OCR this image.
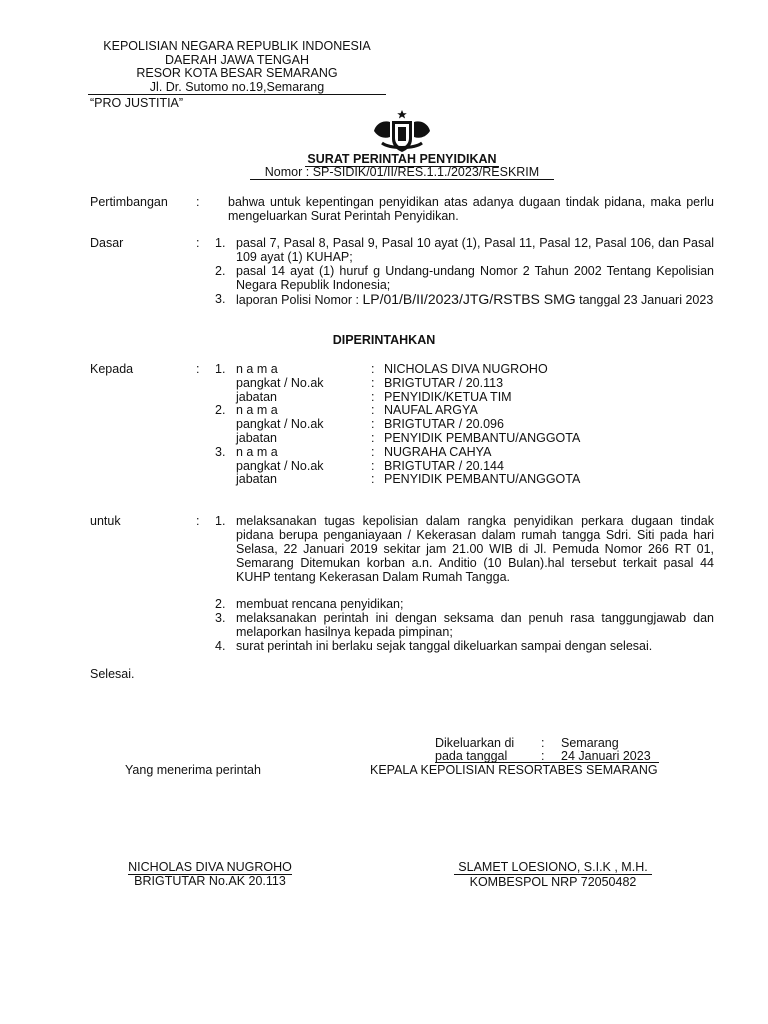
KEPOLISIAN NEGARA REPUBLIK INDONESIA
DAERAH JAWA TENGAH
RESOR KOTA BESAR SEMARANG
Jl. Dr. Sutomo no.19,Semarang
“PRO JUSTITIA”
SURAT PERINTAH PENYIDIKAN
Nomor : SP-SIDIK/01/II/RES.1.1./2023/RESKRIM
Pertimbangan : bahwa untuk kepentingan penyidikan atas adanya dugaan tindak pidana, maka perlu mengeluarkan Surat Perintah Penyidikan.
Dasar	: 1. pasal 7, Pasal 8, Pasal 9, Pasal 10 ayat (1), Pasal 11, Pasal 12, Pasal 106, dan Pasal 109 ayat (1) KUHAP;
2. pasal 14 ayat (1) huruf g Undang-undang Nomor 2 Tahun 2002 Tentang Kepolisian Negara Republik Indonesia;
3. laporan Polisi Nomor : LP/01/B/II/2023/JTG/RSTBS SMG tanggal 23 Januari 2023
DIPERINTAHKAN
Kepada	: 1. n a m a	: NICHOLAS DIVA NUGROHO
pangkat / No.ak	: BRIGTUTAR / 20.113
jabatan	: PENYIDIK/KETUA TIM
2. n a m a	: NAUFAL ARGYA
pangkat / No.ak	: BRIGTUTAR / 20.096
jabatan	: PENYIDIK PEMBANTU/ANGGOTA
3. n a m a	: NUGRAHA CAHYA
pangkat / No.ak	: BRIGTUTAR / 20.144
jabatan	: PENYIDIK PEMBANTU/ANGGOTA
untuk	: 1. melaksanakan tugas kepolisian dalam rangka penyidikan perkara dugaan tindak pidana berupa penganiayaan / Kekerasan dalam rumah tangga Sdri. Siti pada hari Selasa, 22 Januari 2019 sekitar jam 21.00 WIB di Jl. Pemuda Nomor 266 RT 01, Semarang Ditemukan korban a.n. Anditio (10 Bulan).hal tersebut terkait pasal 44 KUHP tentang Kekerasan Dalam Rumah Tangga.
2. membuat rencana penyidikan;
3. melaksanakan perintah ini dengan seksama dan penuh rasa tanggungjawab dan melaporkan hasilnya kepada pimpinan;
4. surat perintah ini berlaku sejak tanggal dikeluarkan sampai dengan selesai.
Selesai.
Dikeluarkan di : Semarang
pada tanggal	: 24 Januari 2023
Yang menerima perintah	KEPALA KEPOLISIAN RESORTABES SEMARANG
NICHOLAS DIVA NUGROHO
BRIGTUTAR No.AK 20.113
SLAMET LOESIONO, S.I.K , M.H.
KOMBESPOL NRP 72050482
